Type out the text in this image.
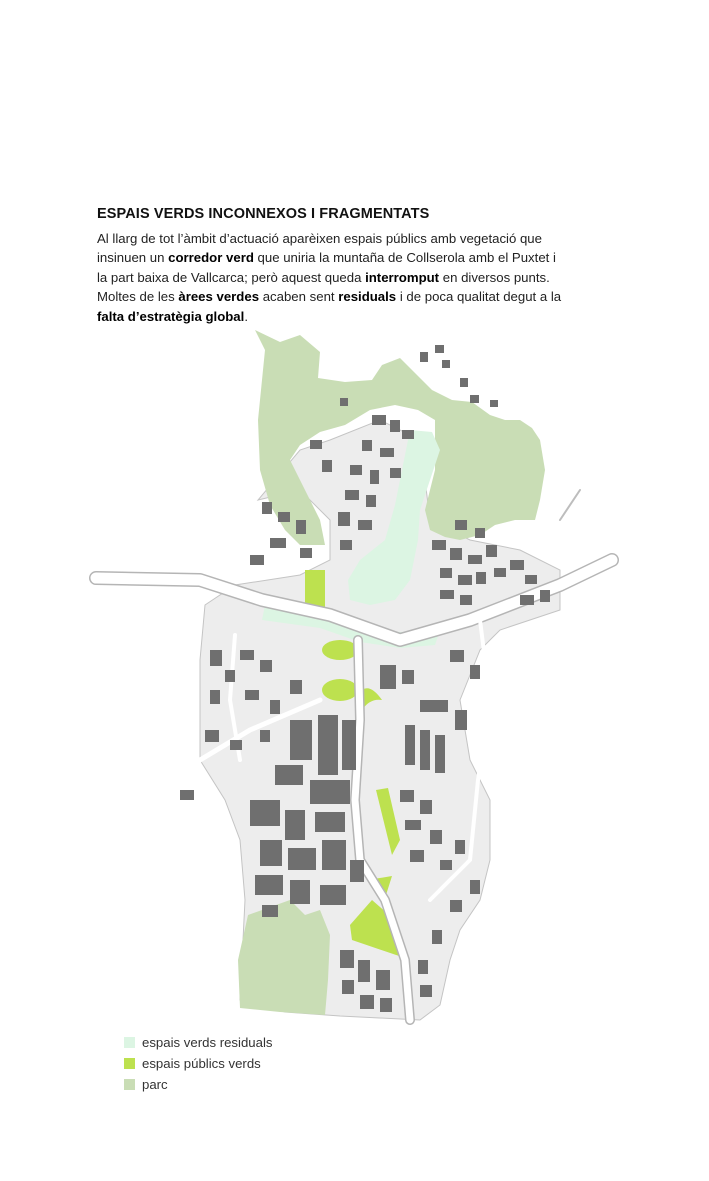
ESPAIS VERDS INCONNEXOS I FRAGMENTATS
Al llarg de tot l’àmbit d’actuació aparèixen espais públics amb vegetació que
insinuen un corredor verd que uniria la muntaña de Collserola amb el Puxtet i
la part baixa de Vallcarca; però aquest queda interromput en diversos punts.
Moltes de les àrees verdes acaben sent residuals i de poca qualitat degut a la
falta d’estratègia global.
espais verds residuals
espais públics verds
parc
